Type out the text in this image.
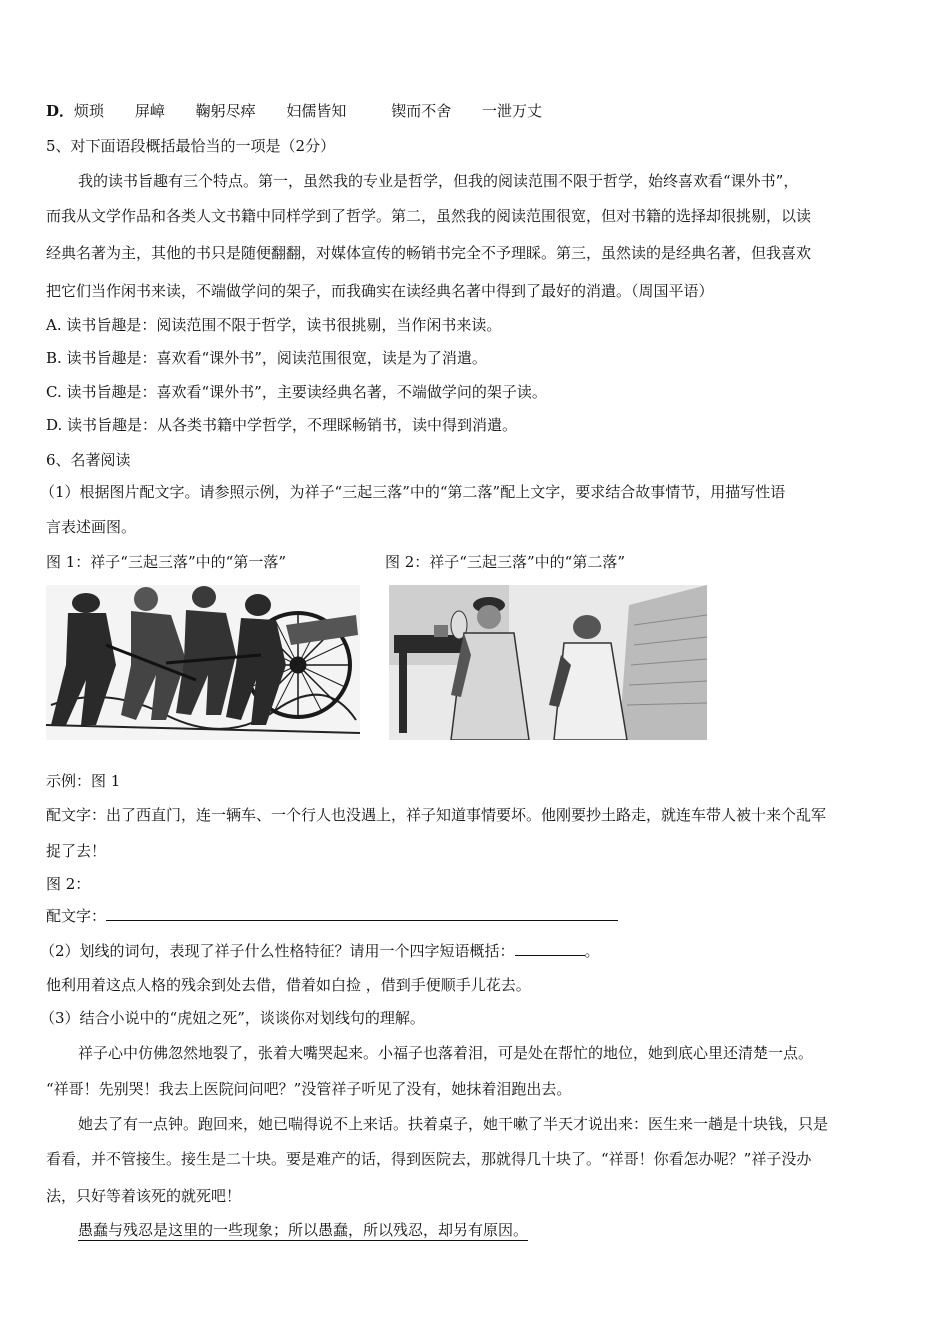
D．烦琐 屏嶂 鞠躬尽瘁 妇儒皆知	锲而不舍 一泄万丈
5、对下面语段概括最恰当的一项是（2分）
我的读书旨趣有三个特点。第一，虽然我的专业是哲学，但我的阅读范围不限于哲学，始终喜欢看“课外书”，
而我从文学作品和各类人文书籍中同样学到了哲学。第二，虽然我的阅读范围很宽，但对书籍的选择却很挑剔，以读
经典名著为主，其他的书只是随便翻翻，对媒体宣传的畅销书完全不予理睬。第三，虽然读的是经典名著，但我喜欢
把它们当作闲书来读，不端做学问的架子，而我确实在读经典名著中得到了最好的消遣。（周国平语）
A. 读书旨趣是：阅读范围不限于哲学，读书很挑剔，当作闲书来读。
B. 读书旨趣是：喜欢看“课外书”，阅读范围很宽，读是为了消遣。
C. 读书旨趣是：喜欢看“课外书”，主要读经典名著，不端做学问的架子读。
D. 读书旨趣是：从各类书籍中学哲学，不理睬畅销书，读中得到消遣。
6、名著阅读
（1）根据图片配文字。请参照示例，为祥子“三起三落”中的“第二落”配上文字，要求结合故事情节，用描写性语
言表述画图。
图 1：祥子“三起三落”中的“第一落”	图 2：祥子“三起三落”中的“第二落”
示例：图 1
配文字：出了西直门，连一辆车、一个行人也没遇上，祥子知道事情要坏。他刚要抄土路走，就连车带人被十来个乱军
捉了去！
图 2：
配文字：
（2）划线的词句，表现了祥子什么性格特征？请用一个四字短语概括：	。
他利用着这点人格的残余到处去借，借着如白捡 ，借到手便顺手儿花去。
（3）结合小说中的“虎妞之死”，谈谈你对划线句的理解。
祥子心中仿佛忽然地裂了，张着大嘴哭起来。小福子也落着泪，可是处在帮忙的地位，她到底心里还清楚一点。
“祥哥！先别哭！我去上医院问问吧？”没管祥子听见了没有，她抹着泪跑出去。
她去了有一点钟。跑回来，她已喘得说不上来话。扶着桌子，她干嗽了半天才说出来：医生来一趟是十块钱，只是
看看，并不管接生。接生是二十块。要是难产的话，得到医院去，那就得几十块了。“祥哥！你看怎办呢？”祥子没办
法，只好等着该死的就死吧！
愚蠢与残忍是这里的一些现象；所以愚蠢，所以残忍，却另有原因。
